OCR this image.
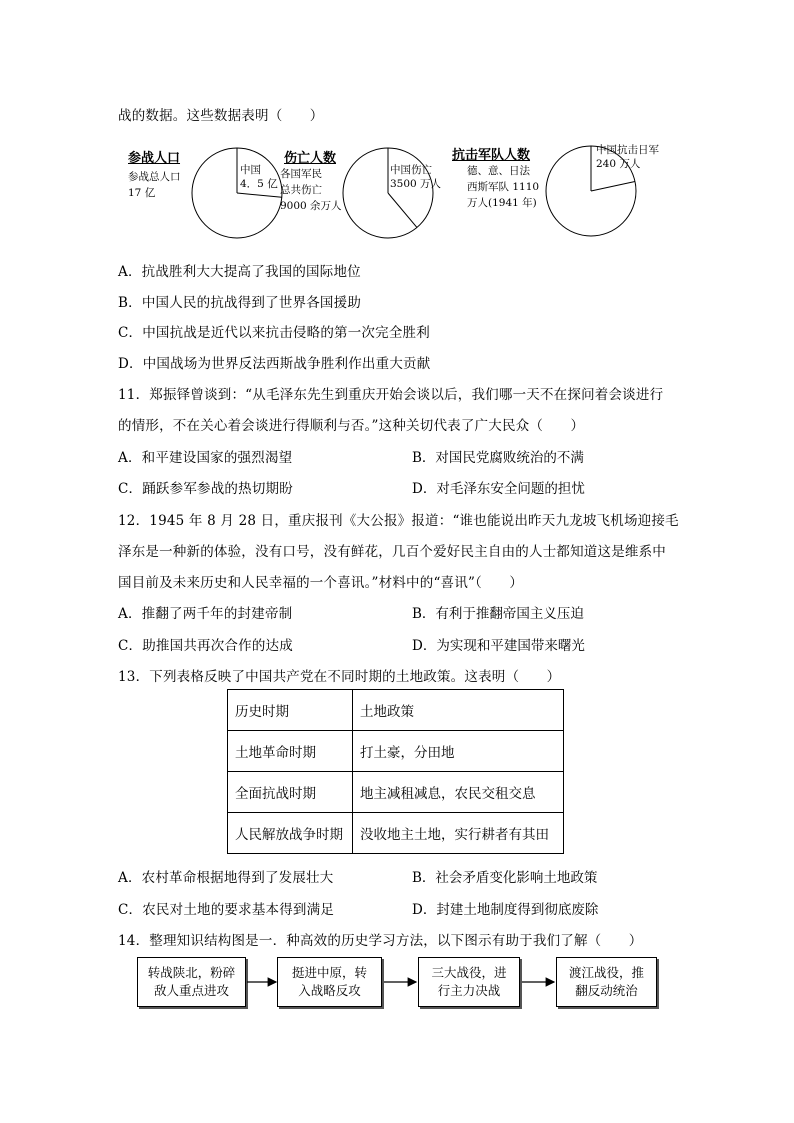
战的数据。这些数据表明（　　）
参战人口
参战总人口
17 亿
中国
4．5 亿
伤亡人数
各国军民
总共伤亡
9000 余万人
中国伤亡
3500 万人
抗击军队人数
德、意、日法
西斯军队 1110
万人(1941 年)
中国抗击日军
240 万人
A．抗战胜利大大提高了我国的国际地位
B．中国人民的抗战得到了世界各国援助
C．中国抗战是近代以来抗击侵略的第一次完全胜利
D．中国战场为世界反法西斯战争胜利作出重大贡献
11．郑振铎曾谈到：“从毛泽东先生到重庆开始会谈以后，我们哪一天不在探问着会谈进行
的情形，不在关心着会谈进行得顺利与否。”这种关切代表了广大民众（　　）
A．和平建设国家的强烈渴望	B．对国民党腐败统治的不满
C．踊跃参军参战的热切期盼	D．对毛泽东安全问题的担忧
12．1945 年 8 月 28 日，重庆报刊《大公报》报道：“谁也能说出昨天九龙坡飞机场迎接毛
泽东是一种新的体验，没有口号，没有鲜花，几百个爱好民主自由的人士都知道这是维系中
国目前及未来历史和人民幸福的一个喜讯。”材料中的“喜讯”（　　）
A．推翻了两千年的封建帝制	B．有利于推翻帝国主义压迫
C．助推国共再次合作的达成	D．为实现和平建国带来曙光
13．下列表格反映了中国共产党在不同时期的土地政策。这表明（　　）
历史时期	土地政策
土地革命时期	打土豪，分田地
全面抗战时期	地主减租减息，农民交租交息
人民解放战争时期	没收地主土地，实行耕者有其田
A．农村革命根据地得到了发展壮大	B．社会矛盾变化影响土地政策
C．农民对土地的要求基本得到满足	D．封建土地制度得到彻底废除
14．整理知识结构图是一．种高效的历史学习方法，以下图示有助于我们了解（　　）
转战陕北，粉碎
敌人重点进攻
挺进中原，转
入战略反攻
三大战役，进
行主力决战
渡江战役，推
翻反动统治
